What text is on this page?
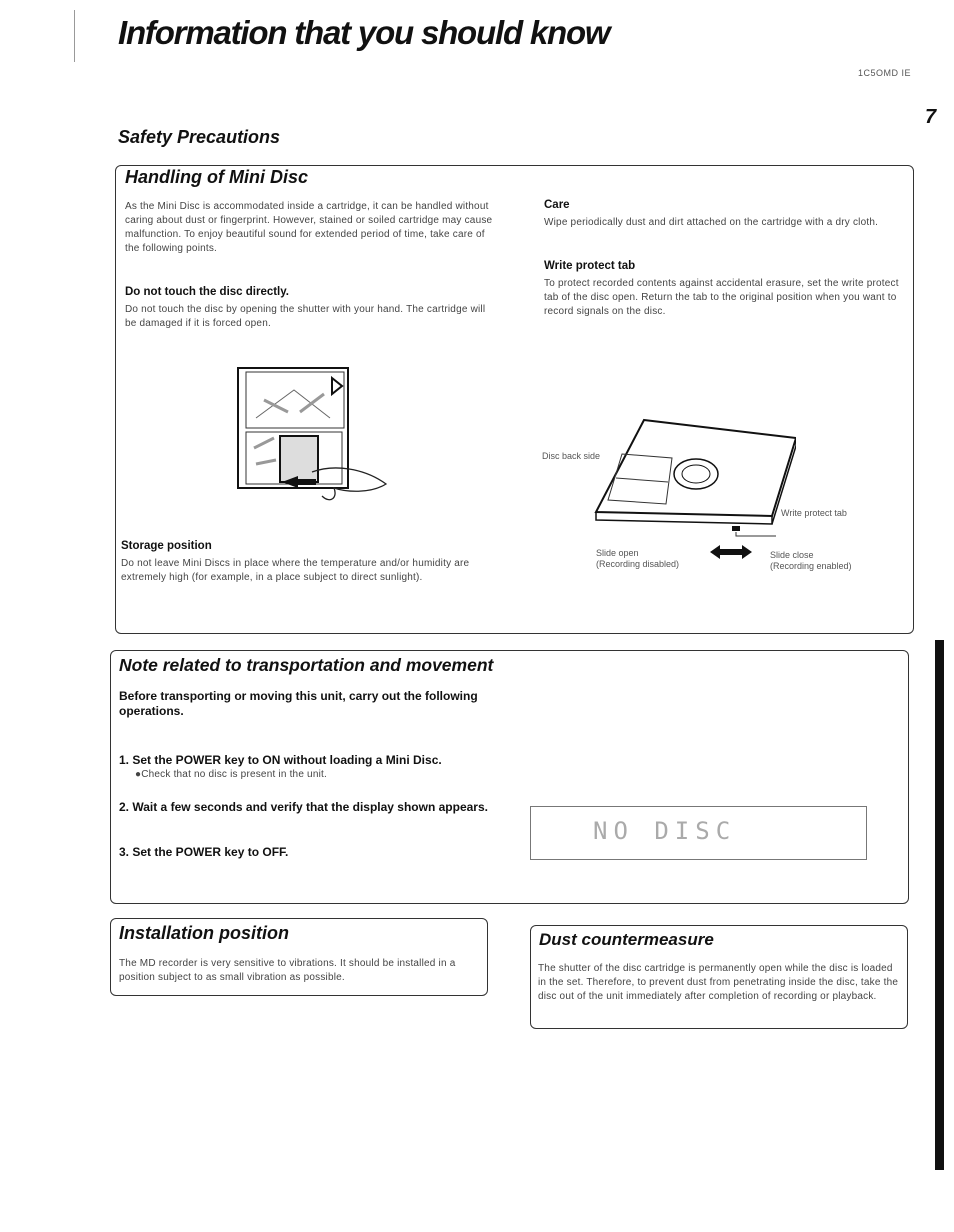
Information that you should know
1C5OMD IE
7
Safety Precautions
Handling of Mini Disc
As the Mini Disc is accommodated inside a cartridge, it can be handled without caring about dust or fingerprint. However, stained or soiled cartridge may cause malfunction. To enjoy beautiful sound for extended period of time, take care of the following points.
Do not touch the disc directly.
Do not touch the disc by opening the shutter with your hand. The cartridge will be damaged if it is forced open.
Storage position
Do not leave Mini Discs in place where the temperature and/or humidity are extremely high (for example, in a place subject to direct sunlight).
Care
Wipe periodically dust and dirt attached on the cartridge with a dry cloth.
Write protect tab
To protect recorded contents against accidental erasure, set the write protect tab of the disc open. Return the tab to the original position when you want to record signals on the disc.
Disc back side
Write protect tab
Slide open
(Recording disabled)
Slide close
(Recording enabled)
Note related to transportation and movement
Before transporting or moving this unit, carry out the following operations.
1. Set the POWER key to ON without loading a Mini Disc.
●Check that no disc is present in the unit.
2. Wait a few seconds and verify that the display shown appears.
3. Set the POWER key to OFF.
NO DISC
Installation position
The MD recorder is very sensitive to vibrations. It should be installed in a position subject to as small vibration as possible.
Dust countermeasure
The shutter of the disc cartridge is permanently open while the disc is loaded in the set. Therefore, to prevent dust from penetrating inside the disc, take the disc out of the unit immediately after completion of recording or playback.
